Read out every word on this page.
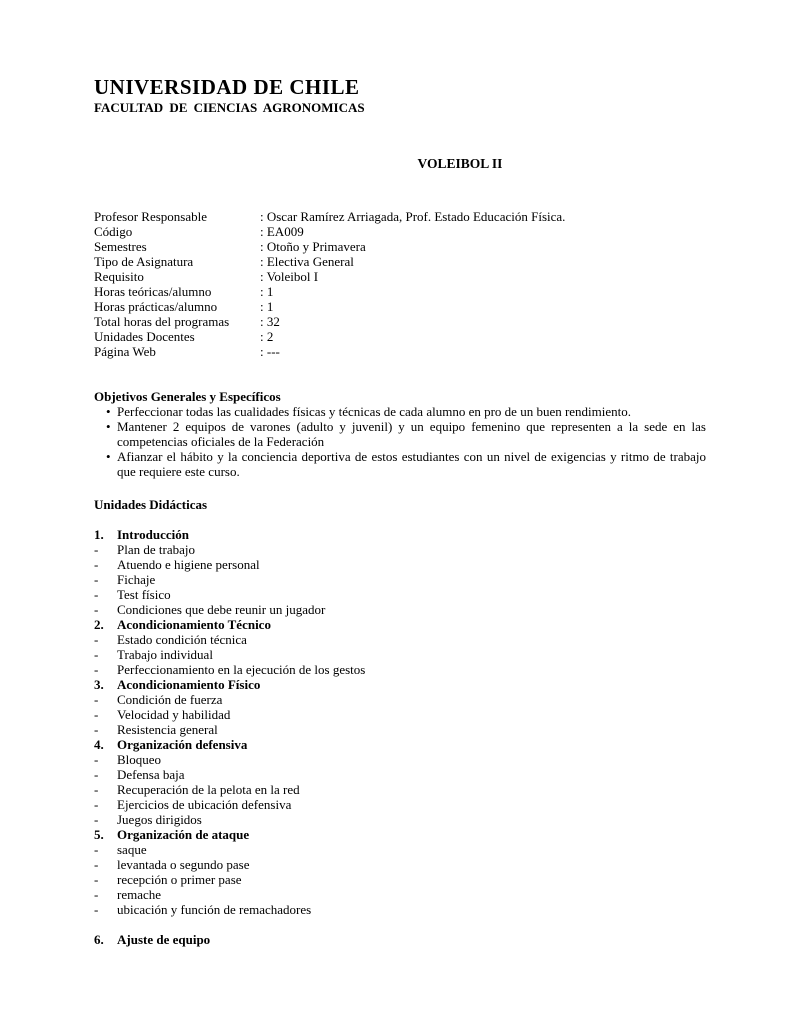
UNIVERSIDAD DE CHILE

FACULTAD DE CIENCIAS AGRONOMICAS

VOLEIBOL II

Profesor Responsable	: Oscar Ramírez Arriagada, Prof. Estado Educación Física.
Código	: EA009
Semestres	: Otoño y Primavera
Tipo de Asignatura	: Electiva General
Requisito	: Voleibol I
Horas teóricas/alumno	: 1
Horas prácticas/alumno	: 1
Total horas del programas	: 32
Unidades Docentes	: 2
Página Web	: ---

Objetivos Generales y Específicos

• Perfeccionar todas las cualidades físicas y técnicas de cada alumno en pro de un buen rendimiento.
• Mantener 2 equipos de varones (adulto y juvenil) y un equipo femenino que representen a la sede en las competencias oficiales de la Federación
• Afianzar el hábito y la conciencia deportiva de estos estudiantes con un nivel de exigencias y ritmo de trabajo que requiere este curso.
Unidades Didácticas
1.	Introducción
-	Plan de trabajo
-	Atuendo e higiene personal
-	Fichaje
-	Test físico
-	Condiciones que debe reunir un jugador
2.	Acondicionamiento Técnico
-	Estado condición técnica
-	Trabajo individual
-	Perfeccionamiento en la ejecución de los gestos
3.	Acondicionamiento Físico
-	Condición de fuerza
-	Velocidad y habilidad
-	Resistencia general
4.	Organización defensiva
-	Bloqueo
-	Defensa baja
-	Recuperación de la pelota en la red
-	Ejercicios de ubicación defensiva
-	Juegos dirigidos
5.	Organización de ataque
-	saque
-	levantada o segundo pase
-	recepción o primer pase
-	remache
-	ubicación y función de remachadores
6.	Ajuste de equipo
